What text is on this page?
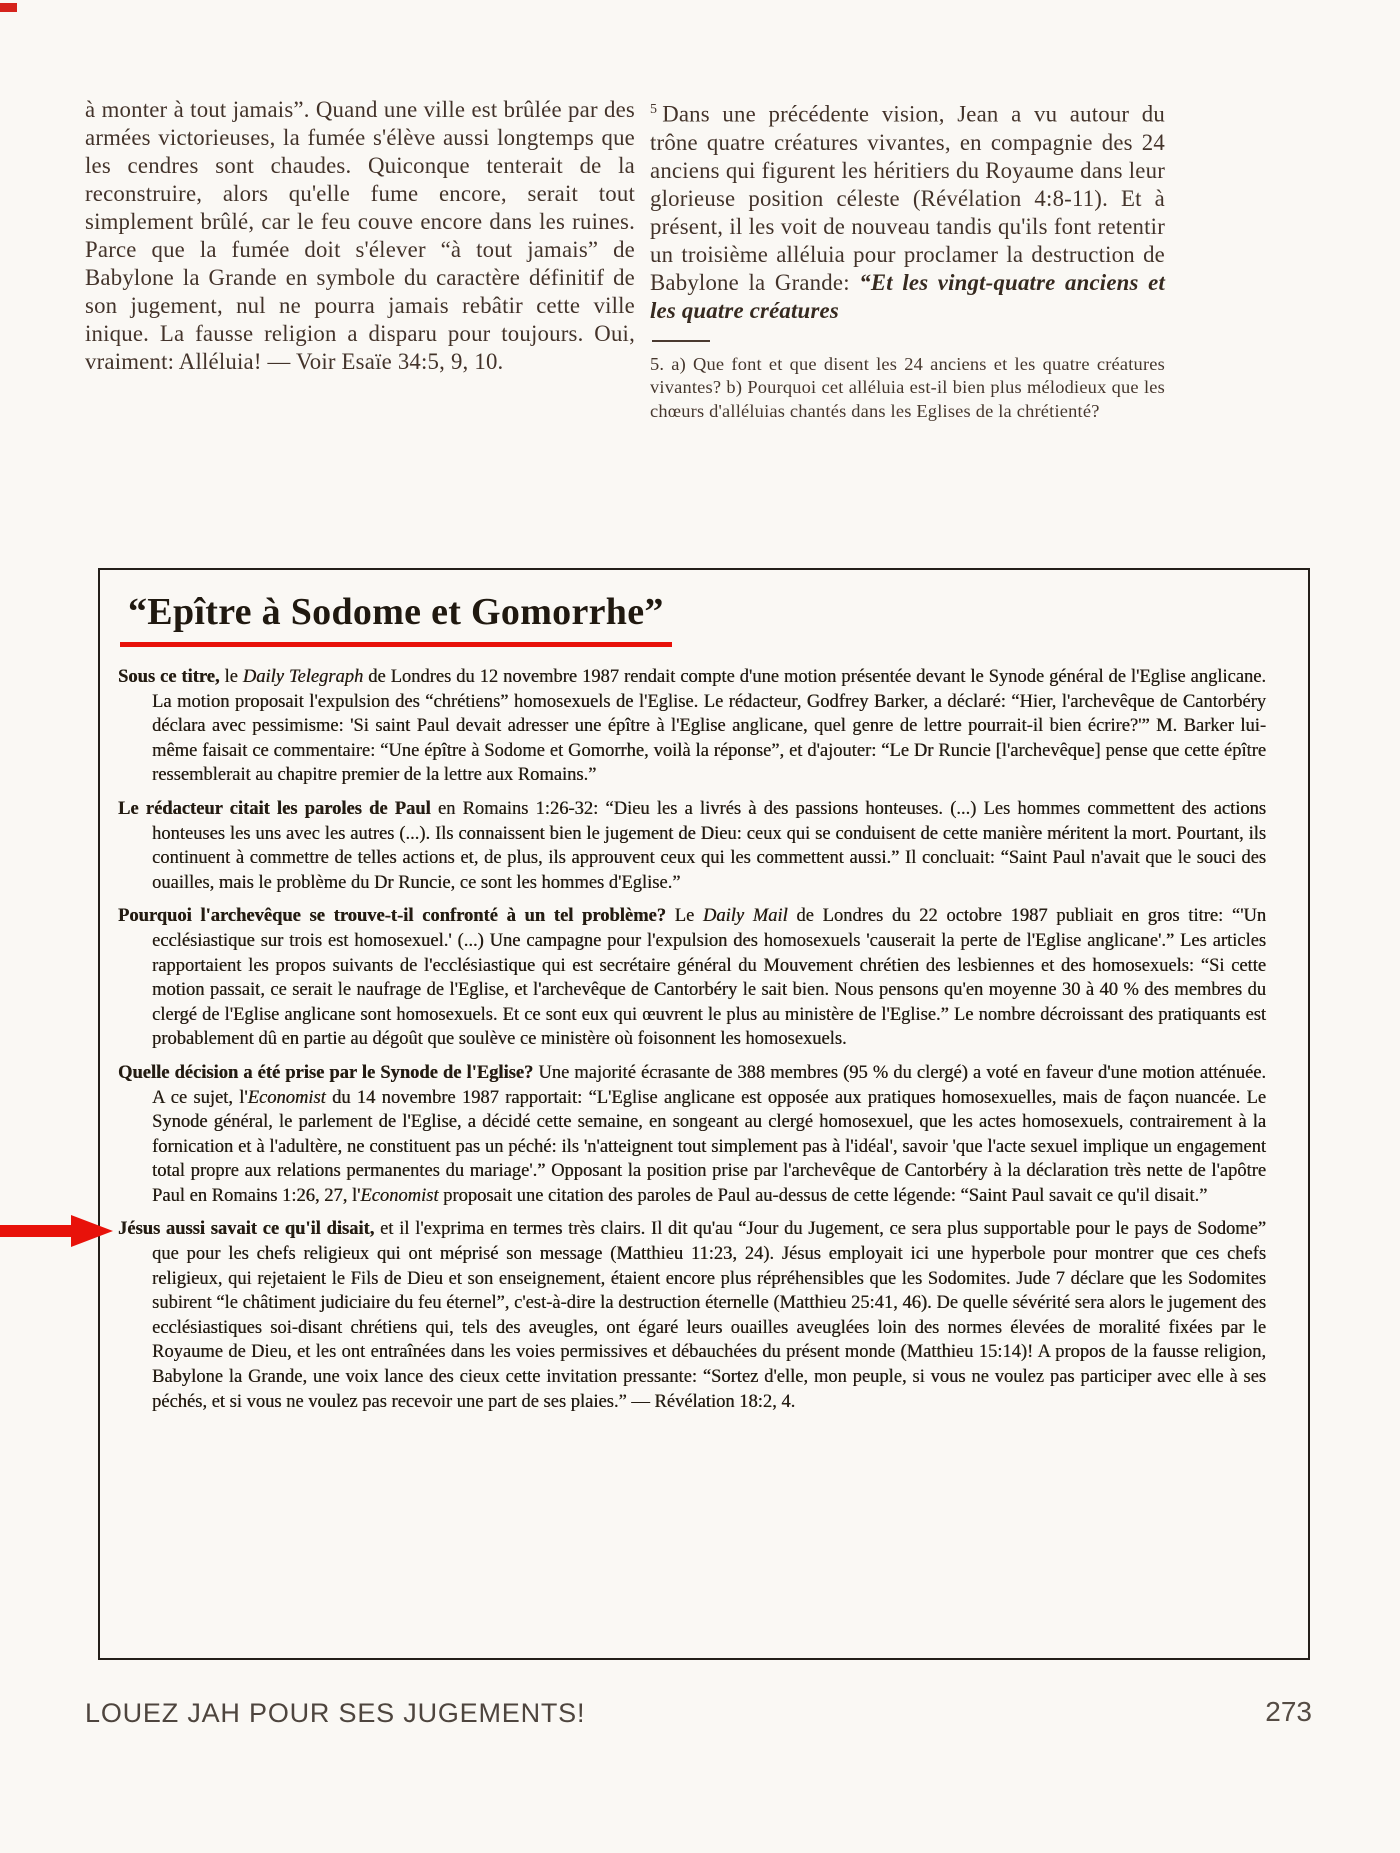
à monter à tout jamais”. Quand une ville est brûlée par des armées victorieuses, la fumée s'élève aussi longtemps que les cendres sont chaudes. Quiconque tenterait de la reconstruire, alors qu'elle fume encore, serait tout simplement brûlé, car le feu couve encore dans les ruines. Parce que la fumée doit s'élever “à tout jamais” de Babylone la Grande en symbole du caractère définitif de son jugement, nul ne pourra jamais rebâtir cette ville inique. La fausse religion a disparu pour toujours. Oui, vraiment: Alléluia! — Voir Esaïe 34:5, 9, 10.

$^5$ Dans une précédente vision, Jean a vu autour du trône quatre créatures vivantes, en compagnie des 24 anciens qui figurent les héritiers du Royaume dans leur glorieuse position céleste (Révélation 4:8-11). Et à présent, il les voit de nouveau tandis qu'ils font retentir un troisième alléluia pour proclamer la destruction de Babylone la Grande: “Et les vingt-quatre anciens et les quatre créatures

5. a) Que font et que disent les 24 anciens et les quatre créatures vivantes? b) Pourquoi cet alléluia est-il bien plus mélodieux que les chœurs d'alléluias chantés dans les Eglises de la chrétienté?

“Epître à Sodome et Gomorrhe”

Sous ce titre, le Daily Telegraph de Londres du 12 novembre 1987 rendait compte d'une motion présentée devant le Synode général de l'Eglise anglicane. La motion proposait l'expulsion des “chrétiens” homosexuels de l'Eglise. Le rédacteur, Godfrey Barker, a déclaré: “Hier, l'archevêque de Cantorbéry déclara avec pessimisme: 'Si saint Paul devait adresser une épître à l'Eglise anglicane, quel genre de lettre pourrait-il bien écrire?'” M. Barker lui-même faisait ce commentaire: “Une épître à Sodome et Gomorrhe, voilà la réponse”, et d'ajouter: “Le Dr Runcie [l'archevêque] pense que cette épître ressemblerait au chapitre premier de la lettre aux Romains.”

Le rédacteur citait les paroles de Paul en Romains 1:26-32: “Dieu les a livrés à des passions honteuses. (...) Les hommes commettent des actions honteuses les uns avec les autres (...). Ils connaissent bien le jugement de Dieu: ceux qui se conduisent de cette manière méritent la mort. Pourtant, ils continuent à commettre de telles actions et, de plus, ils approuvent ceux qui les commettent aussi.” Il concluait: “Saint Paul n'avait que le souci des ouailles, mais le problème du Dr Runcie, ce sont les hommes d'Eglise.”

Pourquoi l'archevêque se trouve-t-il confronté à un tel problème? Le Daily Mail de Londres du 22 octobre 1987 publiait en gros titre: “'Un ecclésiastique sur trois est homosexuel.' (...) Une campagne pour l'expulsion des homosexuels 'causerait la perte de l'Eglise anglicane'.” Les articles rapportaient les propos suivants de l'ecclésiastique qui est secrétaire général du Mouvement chrétien des lesbiennes et des homosexuels: “Si cette motion passait, ce serait le naufrage de l'Eglise, et l'archevêque de Cantorbéry le sait bien. Nous pensons qu'en moyenne 30 à 40 % des membres du clergé de l'Eglise anglicane sont homosexuels. Et ce sont eux qui œuvrent le plus au ministère de l'Eglise.” Le nombre décroissant des pratiquants est probablement dû en partie au dégoût que soulève ce ministère où foisonnent les homosexuels.

Quelle décision a été prise par le Synode de l'Eglise? Une majorité écrasante de 388 membres (95 % du clergé) a voté en faveur d'une motion atténuée. A ce sujet, l'Economist du 14 novembre 1987 rapportait: “L'Eglise anglicane est opposée aux pratiques homosexuelles, mais de façon nuancée. Le Synode général, le parlement de l'Eglise, a décidé cette semaine, en songeant au clergé homosexuel, que les actes homosexuels, contrairement à la fornication et à l'adultère, ne constituent pas un péché: ils 'n'atteignent tout simplement pas à l'idéal', savoir 'que l'acte sexuel implique un engagement total propre aux relations permanentes du mariage'.” Opposant la position prise par l'archevêque de Cantorbéry à la déclaration très nette de l'apôtre Paul en Romains 1:26, 27, l'Economist proposait une citation des paroles de Paul au-dessus de cette légende: “Saint Paul savait ce qu'il disait.”

Jésus aussi savait ce qu'il disait, et il l'exprima en termes très clairs. Il dit qu'au “Jour du Jugement, ce sera plus supportable pour le pays de Sodome” que pour les chefs religieux qui ont méprisé son message (Matthieu 11:23, 24). Jésus employait ici une hyperbole pour montrer que ces chefs religieux, qui rejetaient le Fils de Dieu et son enseignement, étaient encore plus répréhensibles que les Sodomites. Jude 7 déclare que les Sodomites subirent “le châtiment judiciaire du feu éternel”, c'est-à-dire la destruction éternelle (Matthieu 25:41, 46). De quelle sévérité sera alors le jugement des ecclésiastiques soi-disant chrétiens qui, tels des aveugles, ont égaré leurs ouailles aveuglées loin des normes élevées de moralité fixées par le Royaume de Dieu, et les ont entraînées dans les voies permissives et débauchées du présent monde (Matthieu 15:14)! A propos de la fausse religion, Babylone la Grande, une voix lance des cieux cette invitation pressante: “Sortez d'elle, mon peuple, si vous ne voulez pas participer avec elle à ses péchés, et si vous ne voulez pas recevoir une part de ses plaies.” — Révélation 18:2, 4.

LOUEZ JAH POUR SES JUGEMENTS!	273
